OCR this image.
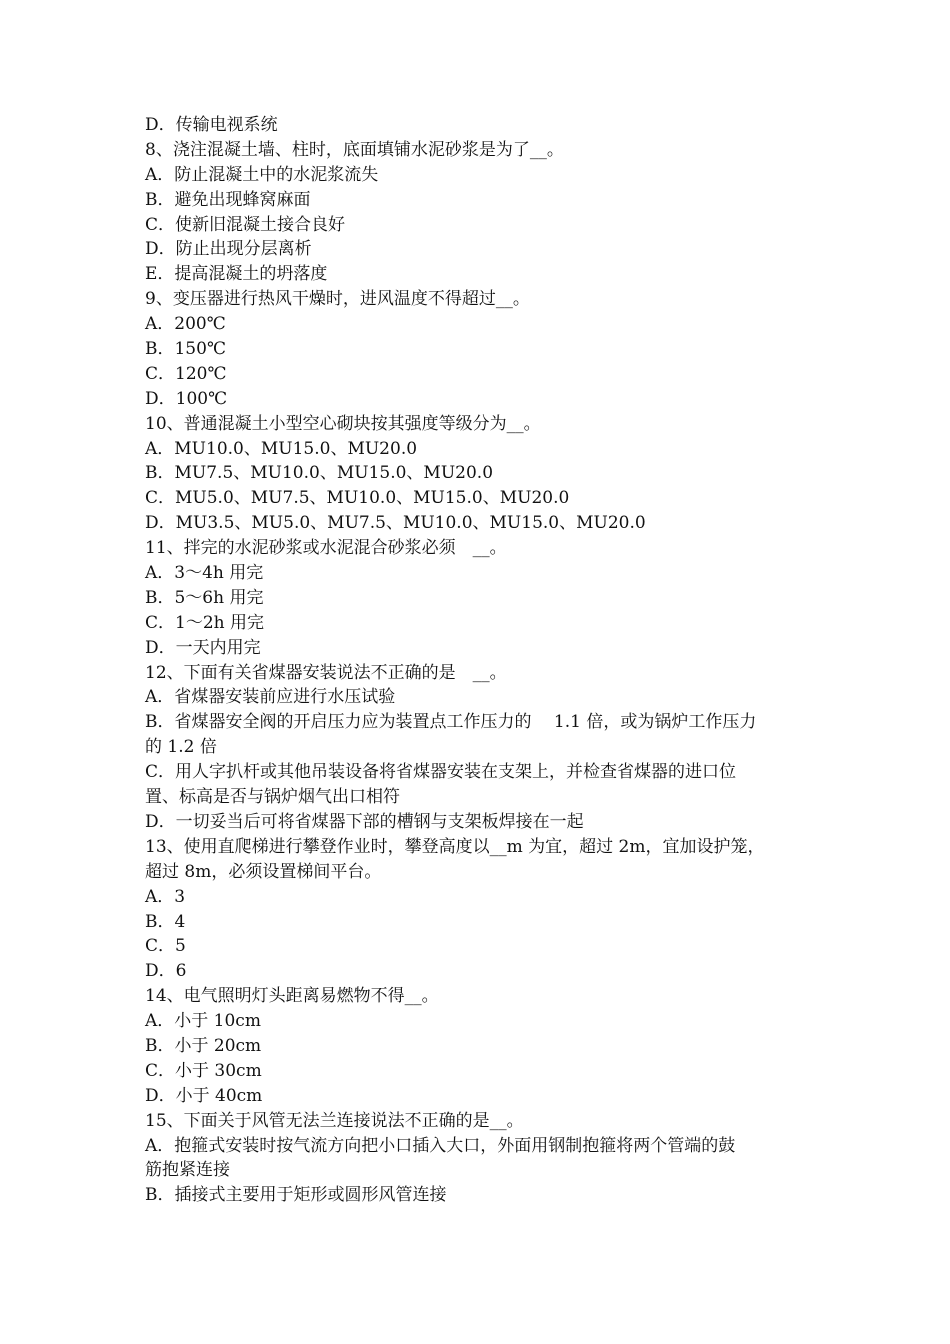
D．传输电视系统
8、浇注混凝土墙、柱时，底面填铺水泥砂浆是为了__。
A．防止混凝土中的水泥浆流失
B．避免出现蜂窝麻面
C．使新旧混凝土接合良好
D．防止出现分层离析
E．提高混凝土的坍落度
9、变压器进行热风干燥时，进风温度不得超过__。
A．200℃
B．150℃
C．120℃
D．100℃
10、普通混凝土小型空心砌块按其强度等级分为__。
A．MU10.0、MU15.0、MU20.0
B．MU7.5、MU10.0、MU15.0、MU20.0
C．MU5.0、MU7.5、MU10.0、MU15.0、MU20.0
D．MU3.5、MU5.0、MU7.5、MU10.0、MU15.0、MU20.0
11、拌完的水泥砂浆或水泥混合砂浆必须　__。
A．3～4h 用完
B．5～6h 用完
C．1～2h 用完
D．一天内用完
12、下面有关省煤器安装说法不正确的是　__。
A．省煤器安装前应进行水压试验
B．省煤器安全阀的开启压力应为装置点工作压力的　 1.1 倍，或为锅炉工作压力
的 1.2 倍
C．用人字扒杆或其他吊装设备将省煤器安装在支架上，并检查省煤器的进口位
置、标高是否与锅炉烟气出口相符
D．一切妥当后可将省煤器下部的槽钢与支架板焊接在一起
13、使用直爬梯进行攀登作业时，攀登高度以__m 为宜，超过 2m，宜加设护笼，
超过 8m，必须设置梯间平台。
A．3
B．4
C．5
D．6
14、电气照明灯头距离易燃物不得__。
A．小于 10cm
B．小于 20cm
C．小于 30cm
D．小于 40cm
15、下面关于风管无法兰连接说法不正确的是__。
A．抱箍式安装时按气流方向把小口插入大口，外面用钢制抱箍将两个管端的鼓
筋抱紧连接
B．插接式主要用于矩形或圆形风管连接
